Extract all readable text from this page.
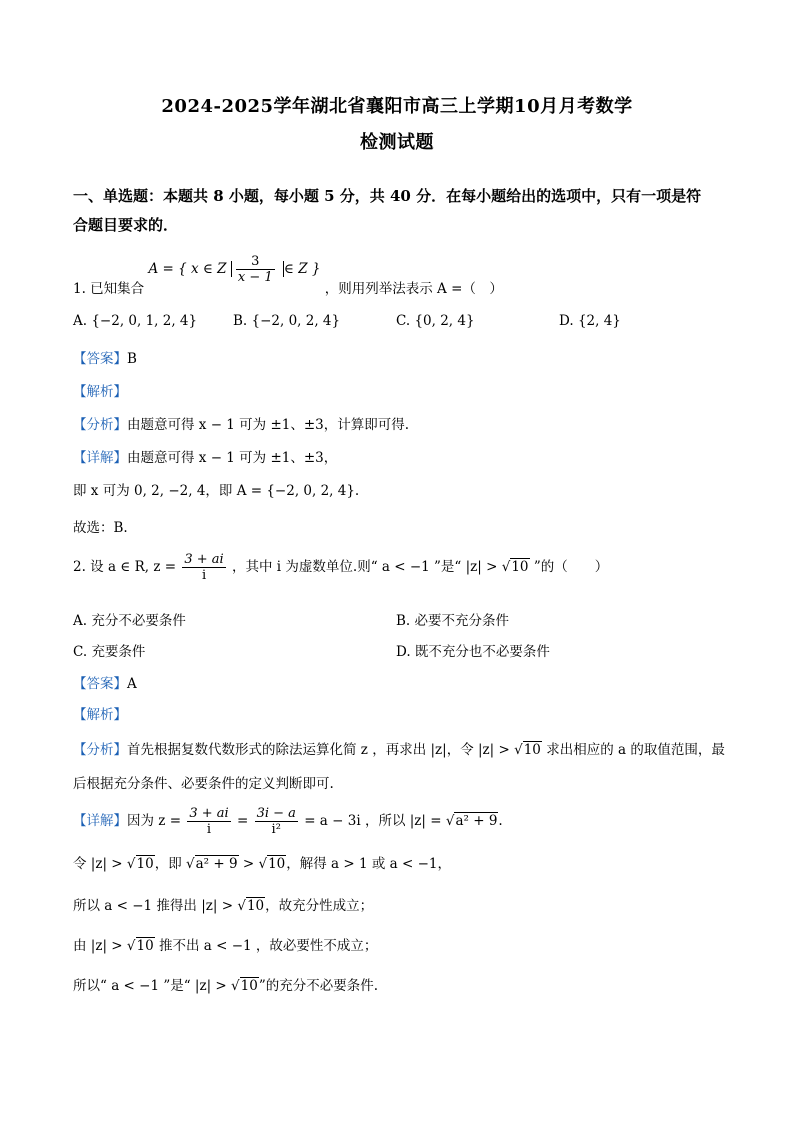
2024-2025学年湖北省襄阳市高三上学期10月月考数学
检测试题
一、单选题：本题共 8 小题，每小题 5 分，共 40 分．在每小题给出的选项中，只有一项是符
合题目要求的．
1. 已知集合 A = { x ∈ Z $\frac{3}{x - 1}$ ∈ Z } ，则用列举法表示 A =（　）
A. {−2, 0, 1, 2, 4}	B. {−2, 0, 2, 4}	C. {0, 2, 4}	D. {2, 4}
【答案】B
【解析】
【分析】由题意可得 x − 1 可为 ±1、±3，计算即可得.
【详解】由题意可得 x − 1 可为 ±1、±3，
即 x 可为 0, 2, −2, 4，即 A = {−2, 0, 2, 4}.
故选：B.
2. 设 a ∈ R, $z = \frac{3 + ai}{i}$ ，其中 i 为虚数单位.则“ a < −1 ”是“ |z| > √10 ”的（　　）
A. 充分不必要条件	B. 必要不充分条件
C. 充要条件	D. 既不充分也不必要条件
【答案】A
【解析】
【分析】首先根据复数代数形式的除法运算化简 z ，再求出 |z|，令 |z| > √10 求出相应的 a 的取值范围，最
后根据充分条件、必要条件的定义判断即可.
【详解】因为 $z = \frac{3 + ai}{i} = \frac{3i - a}{\text{i²}} = a - 3i$ ，所以 |z| = √a² + 9.
令 |z| > √10，即 √a² + 9 > √10，解得 a > 1 或 a < −1，
所以 a < −1 推得出 |z| > √10，故充分性成立；
由 |z| > √10 推不出 a < −1 ，故必要性不成立；
所以“ a < −1 ”是“ |z| > √10”的充分不必要条件.
